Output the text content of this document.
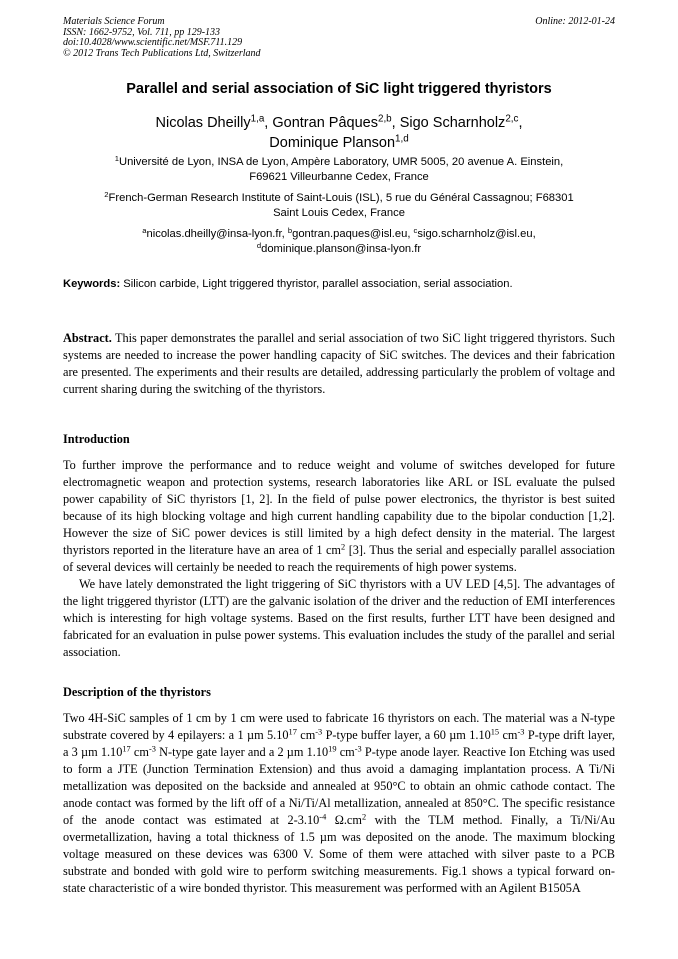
Materials Science Forum
ISSN: 1662-9752, Vol. 711, pp 129-133
doi:10.4028/www.scientific.net/MSF.711.129
© 2012 Trans Tech Publications Ltd, Switzerland
Online: 2012-01-24
Parallel and serial association of SiC light triggered thyristors
Nicolas Dheilly$^{1,a}$, Gontran Pâques$^{2,b}$, Sigo Scharnholz$^{2,c}$,
Dominique Planson$^{1,d}$
$^1$Université de Lyon, INSA de Lyon, Ampère Laboratory, UMR 5005, 20 avenue A. Einstein,
F69621 Villeurbanne Cedex, France
$^2$French-German Research Institute of Saint-Louis (ISL), 5 rue du Général Cassagnou; F68301
Saint Louis Cedex, France
$^a$nicolas.dheilly@insa-lyon.fr, $^b$gontran.paques@isl.eu, $^c$sigo.scharnholz@isl.eu,
$^d$dominique.planson@insa-lyon.fr
Keywords: Silicon carbide, Light triggered thyristor, parallel association, serial association.

Abstract. This paper demonstrates the parallel and serial association of two SiC light triggered thyristors. Such systems are needed to increase the power handling capacity of SiC switches. The devices and their fabrication are presented. The experiments and their results are detailed, addressing particularly the problem of voltage and current sharing during the switching of the thyristors.

Introduction

To further improve the performance and to reduce weight and volume of switches developed for future electromagnetic weapon and protection systems, research laboratories like ARL or ISL evaluate the pulsed power capability of SiC thyristors [1, 2]. In the field of pulse power electronics, the thyristor is best suited because of its high blocking voltage and high current handling capability due to the bipolar conduction [1,2]. However the size of SiC power devices is still limited by a high defect density in the material. The largest thyristors reported in the literature have an area of 1 $cm^2$ [3]. Thus the serial and especially parallel association of several devices will certainly be needed to reach the requirements of high power systems.

We have lately demonstrated the light triggering of SiC thyristors with a UV LED [4,5]. The advantages of the light triggered thyristor (LTT) are the galvanic isolation of the driver and the reduction of EMI interferences which is interesting for high voltage systems. Based on the first results, further LTT have been designed and fabricated for an evaluation in pulse power systems. This evaluation includes the study of the parallel and serial association.

Description of the thyristors

Two 4H-SiC samples of 1 cm by 1 cm were used to fabricate 16 thyristors on each. The material was a N-type substrate covered by 4 epilayers: a 1 µm 5.10$^{17}$ $cm^{-3}$ P-type buffer layer, a 60 µm 1.10$^{15}$ $cm^{-3}$ P-type drift layer, a 3 µm 1.10$^{17}$ $cm^{-3}$ N-type gate layer and a 2 µm 1.10$^{19}$ $cm^{-3}$ P-type anode layer. Reactive Ion Etching was used to form a JTE (Junction Termination Extension) and thus avoid a damaging implantation process. A Ti/Ni metallization was deposited on the backside and annealed at 950°C to obtain an ohmic cathode contact. The anode contact was formed by the lift off of a Ni/Ti/Al metallization, annealed at 850°C. The specific resistance of the anode contact was estimated at $2-3.10^{-4}$ $\Omega.cm^2$ with the TLM method. Finally, a Ti/Ni/Au overmetallization, having a total thickness of 1.5 µm was deposited on the anode. The maximum blocking voltage measured on these devices was 6300 V. Some of them were attached with silver paste to a PCB substrate and bonded with gold wire to perform switching measurements. Fig.1 shows a typical forward on-state characteristic of a wire bonded thyristor. This measurement was performed with an Agilent B1505A
